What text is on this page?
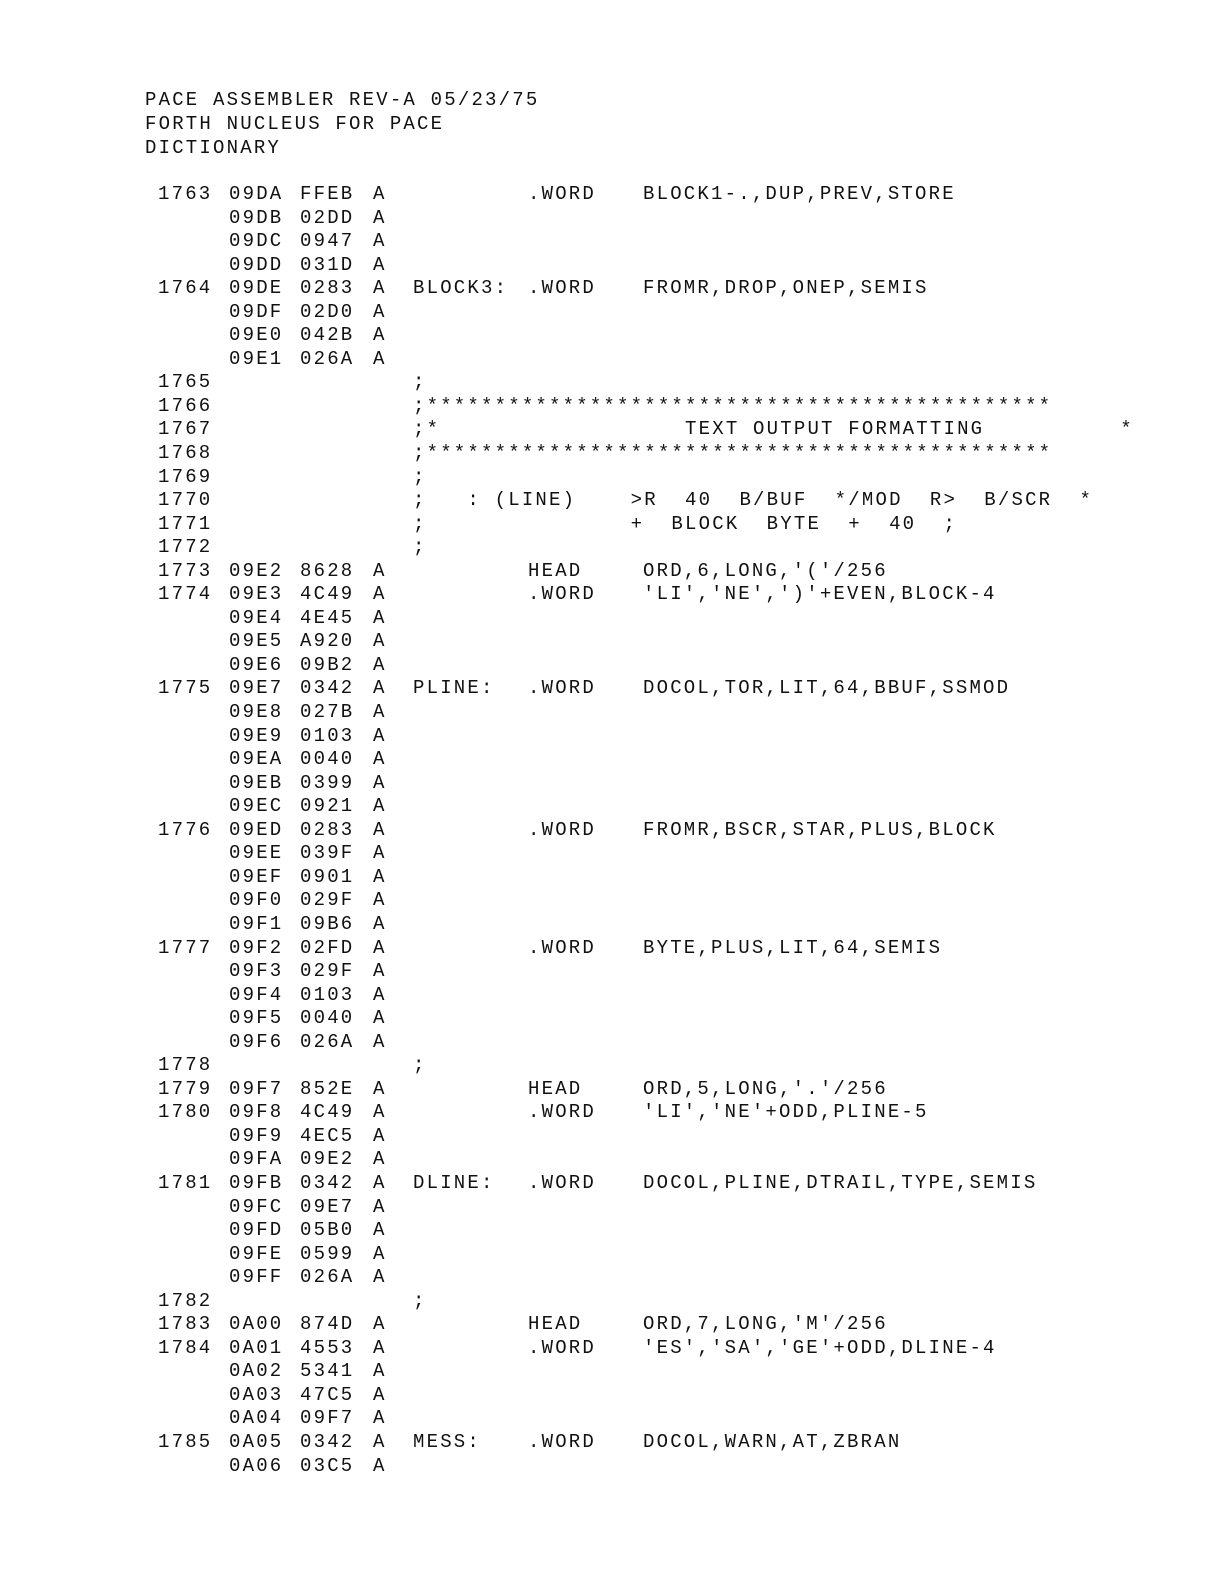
PACE ASSEMBLER REV-A 05/23/75
FORTH NUCLEUS FOR PACE
DICTIONARY
1763 09DA FFEB A	.WORD BLOCK1-.,DUP,PREV,STORE
09DB 02DD A
09DC 0947 A
09DD 031D A
1764 09DE 0283 A BLOCK3: .WORD FROMR,DROP,ONEP,SEMIS
09DF 02D0 A
09E0 042B A
09E1 026A A
1765	;
1766	;**********************************************
1767	;*                  TEXT OUTPUT FORMATTING          *
1768	;**********************************************
1769	;
1770	;   : (LINE)    >R  40  B/BUF  */MOD  R>  B/SCR  *
1771	;               +  BLOCK  BYTE  +  40  ;
1772	;
1773 09E2 8628 A	HEAD	ORD,6,LONG,'('/256
1774 09E3 4C49 A	.WORD 'LI','NE',')'+EVEN,BLOCK-4
09E4 4E45 A
09E5 A920 A
09E6 09B2 A
1775 09E7 0342 A PLINE: .WORD DOCOL,TOR,LIT,64,BBUF,SSMOD
09E8 027B A
09E9 0103 A
09EA 0040 A
09EB 0399 A
09EC 0921 A
1776 09ED 0283 A	.WORD FROMR,BSCR,STAR,PLUS,BLOCK
09EE 039F A
09EF 0901 A
09F0 029F A
09F1 09B6 A
1777 09F2 02FD A	.WORD BYTE,PLUS,LIT,64,SEMIS
09F3 029F A
09F4 0103 A
09F5 0040 A
09F6 026A A
1778	;
1779 09F7 852E A	HEAD	ORD,5,LONG,'.'/256
1780 09F8 4C49 A	.WORD 'LI','NE'+ODD,PLINE-5
09F9 4EC5 A
09FA 09E2 A
1781 09FB 0342 A DLINE: .WORD DOCOL,PLINE,DTRAIL,TYPE,SEMIS
09FC 09E7 A
09FD 05B0 A
09FE 0599 A
09FF 026A A
1782	;
1783 0A00 874D A	HEAD	ORD,7,LONG,'M'/256
1784 0A01 4553 A	.WORD 'ES','SA','GE'+ODD,DLINE-4
0A02 5341 A
0A03 47C5 A
0A04 09F7 A
1785 0A05 0342 A MESS: .WORD DOCOL,WARN,AT,ZBRAN
0A06 03C5 A
